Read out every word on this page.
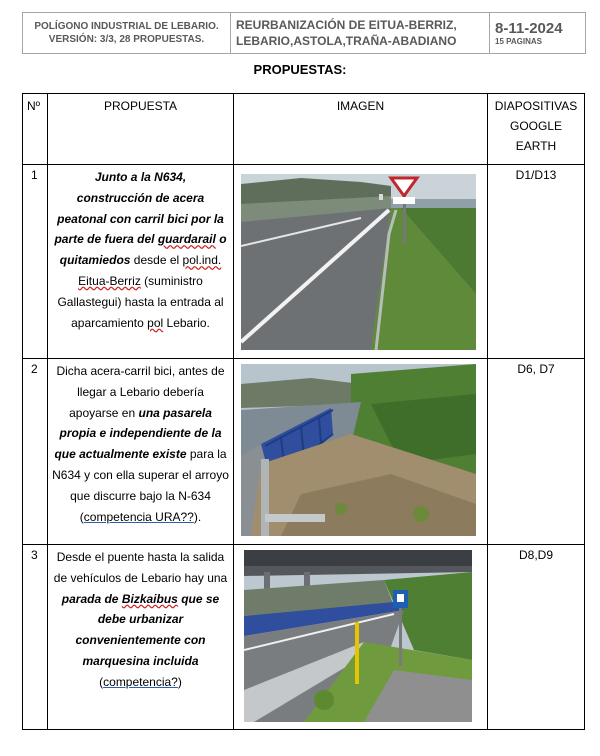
POLÍGONO INDUSTRIAL DE LEBARIO.
VERSIÓN: 3/3, 28 PROPUESTAS.
REURBANIZACIÓN DE EITUA-BERRIZ,
LEBARIO,ASTOLA,TRAÑA-ABADIANO
8-11-2024
15 PAGINAS
PROPUESTAS:
Nº	PROPUESTA	IMAGEN	DIAPOSITIVAS
GOOGLE
EARTH

1	Junto a la N634,
construcción de acera peatonal con carril bici por la parte de fuera del guardarail o quitamiedos desde el pol.ind. Eitua-Berriz (suministro Gallastegui) hasta la entrada al aparcamiento pol Lebario.		D1/D13
2	Dicha acera-carril bici, antes de llegar a Lebario debería apoyarse en una pasarela propia e independiente de la que actualmente existe para la N634 y con ella superar el arroyo que discurre bajo la N-634 (competencia URA??).		D6, D7
3	Desde el puente hasta la salida de vehículos de Lebario hay una parada de Bizkaibus que se debe urbanizar convenientemente con marquesina incluida
(competencia?)		D8,D9
